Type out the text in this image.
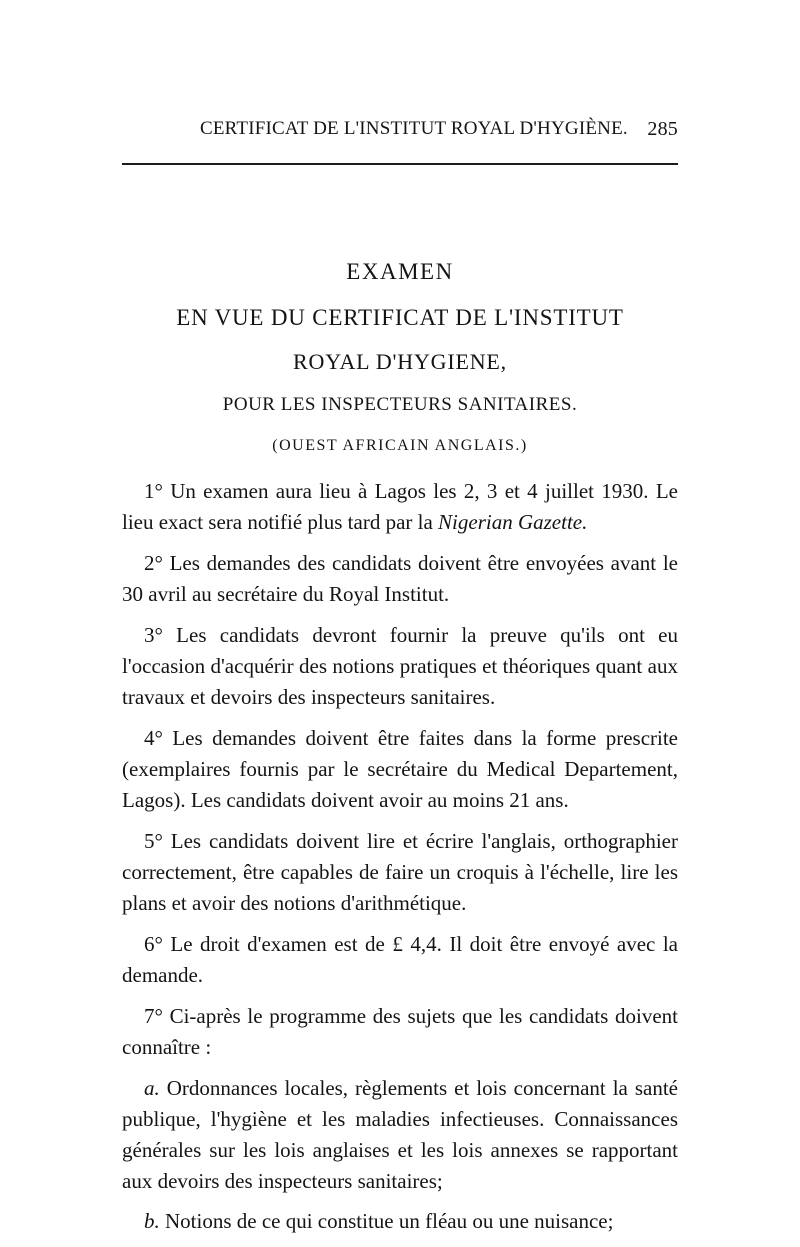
CERTIFICAT DE L'INSTITUT ROYAL D'HYGIÈNE. 285
EXAMEN
EN VUE DU CERTIFICAT DE L'INSTITUT
ROYAL D'HYGIENE,
POUR LES INSPECTEURS SANITAIRES.
(OUEST AFRICAIN ANGLAIS.)

1° Un examen aura lieu à Lagos les 2, 3 et 4 juillet 1930. Le lieu exact sera notifié plus tard par la Nigerian Gazette.

2° Les demandes des candidats doivent être envoyées avant le 30 avril au secrétaire du Royal Institut.

3° Les candidats devront fournir la preuve qu'ils ont eu l'occasion d'acquérir des notions pratiques et théoriques quant aux travaux et devoirs des inspecteurs sanitaires.

4° Les demandes doivent être faites dans la forme prescrite (exemplaires fournis par le secrétaire du Medical Departement, Lagos). Les candidats doivent avoir au moins 21 ans.

5° Les candidats doivent lire et écrire l'anglais, orthographier correctement, être capables de faire un croquis à l'échelle, lire les plans et avoir des notions d'arithmétique.

6° Le droit d'examen est de £ 4,4. Il doit être envoyé avec la demande.

7° Ci-après le programme des sujets que les candidats doivent connaître :

a. Ordonnances locales, règlements et lois concernant la santé publique, l'hygiène et les maladies infectieuses. Connaissances générales sur les lois anglaises et les lois annexes se rapportant aux devoirs des inspecteurs sanitaires;

b. Notions de ce qui constitue un fléau ou une nuisance;
